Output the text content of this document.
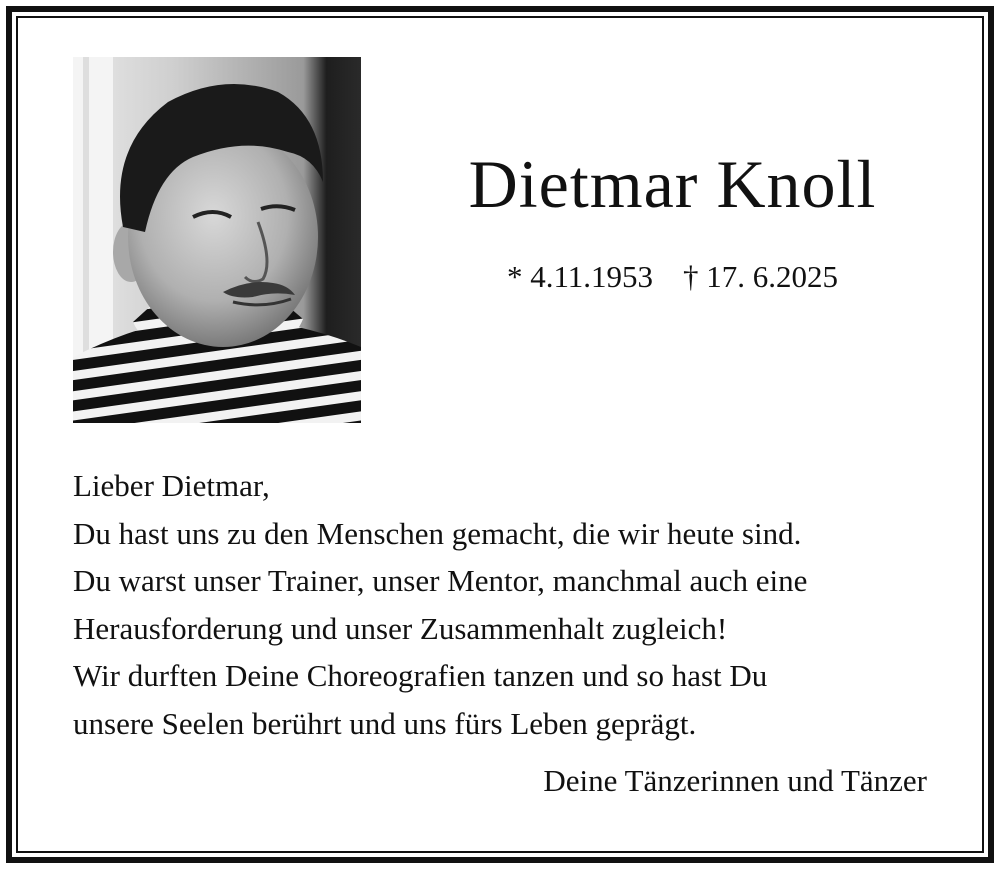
Dietmar Knoll
* 4.11.1953 † 17. 6.2025
Lieber Dietmar,
Du hast uns zu den Menschen gemacht, die wir heute sind.
Du warst unser Trainer, unser Mentor, manchmal auch eine
Herausforderung und unser Zusammenhalt zugleich!
Wir durften Deine Choreografien tanzen und so hast Du
unsere Seelen berührt und uns fürs Leben geprägt.
Deine Tänzerinnen und Tänzer
